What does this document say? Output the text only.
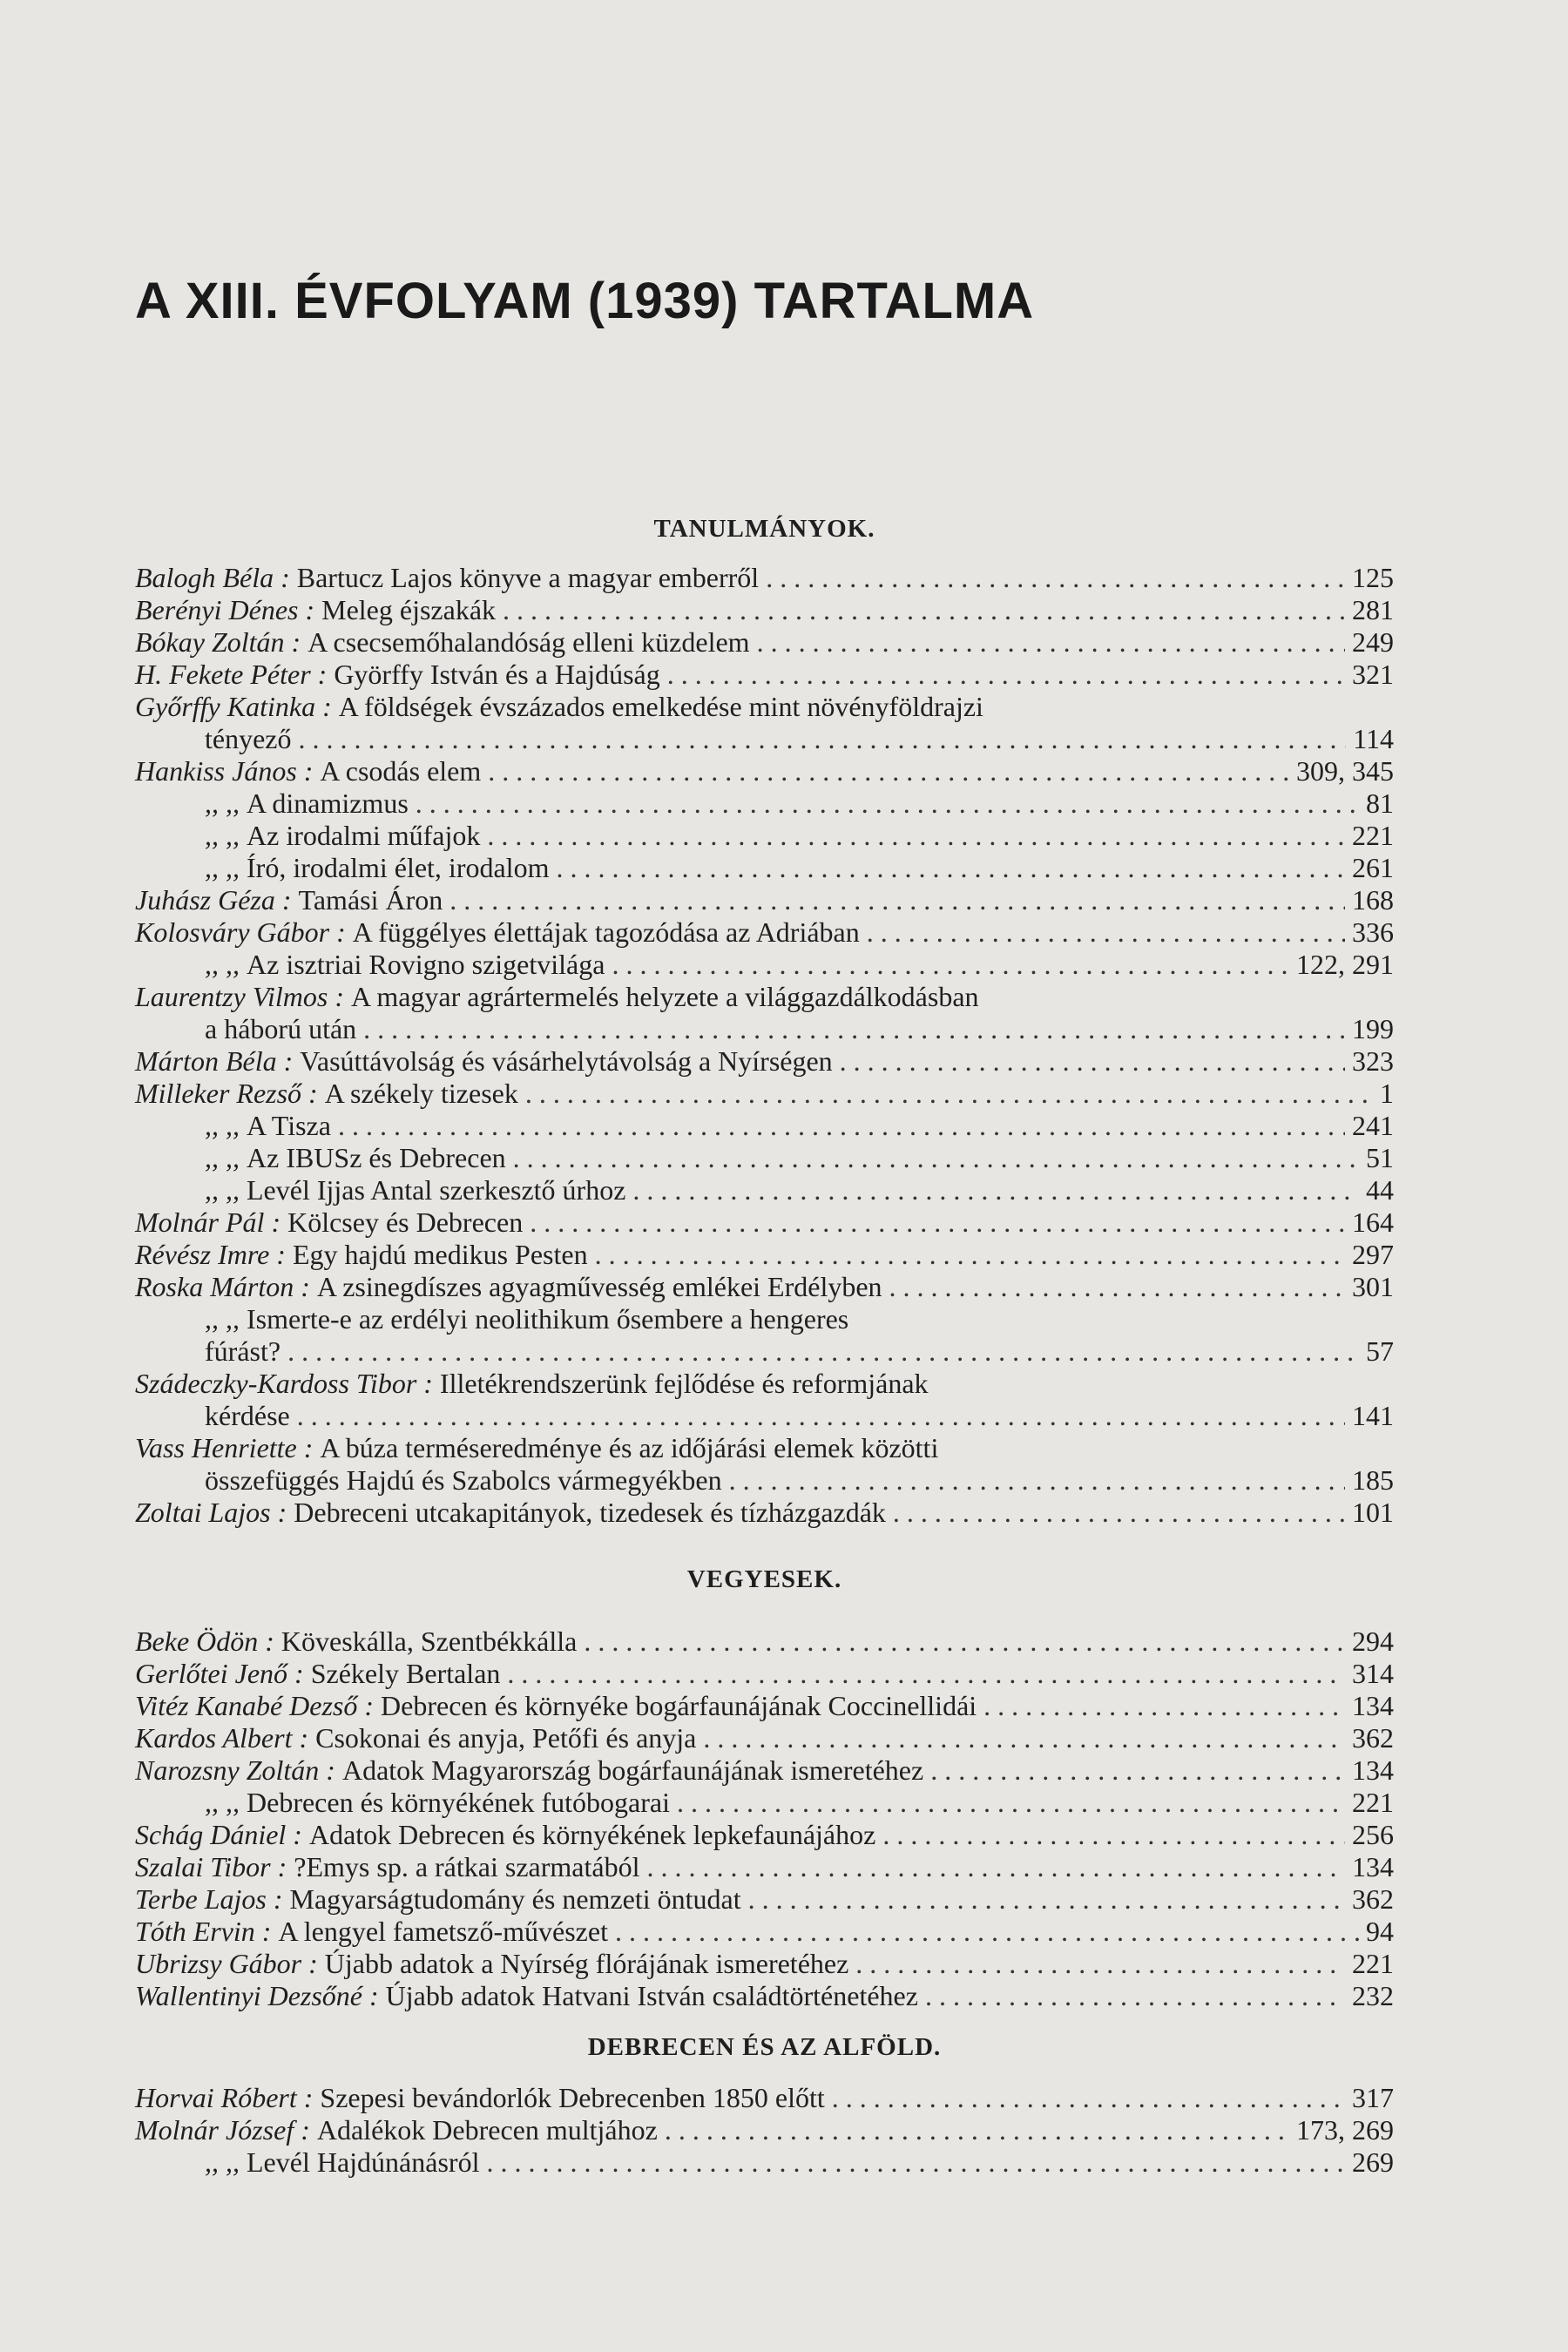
A XIII. ÉVFOLYAM (1939) TARTALMA
TANULMÁNYOK.
Balogh Béla :
Bartucz Lajos könyve a magyar emberről . . .	125
Berényi Dénes :
Meleg éjszakák . . .	281
Bókay Zoltán :
A csecsemőhalandóság elleni küzdelem . . .	249
H. Fekete Péter :
Györffy István és a Hajdúság . . .	321
Győrffy Katinka :
A földségek évszázados emelkedése mint növényföldrajzi
tényező . . .	114
Hankiss János :
A csodás elem . . .	309, 345
,, ,,
A dinamizmus . . .	81
,, ,,
Az irodalmi műfajok . . .	221
,, ,,
Író, irodalmi élet, irodalom . . .	261
Juhász Géza :
Tamási Áron . . .	168
Kolosváry Gábor :
A függélyes élettájak tagozódása az Adriában . . .	336
,, ,,
Az isztriai Rovigno szigetvilága . . .	122, 291
Laurentzy Vilmos :
A magyar agrártermelés helyzete a világgazdálkodásban
a háború után . . .	199
Márton Béla :
Vasúttávolság és vásárhelytávolság a Nyírségen . . .	323
Milleker Rezső :
A székely tizesek . . .	1
,, ,,
A Tisza . . .	241
,, ,,
Az IBUSz és Debrecen . . .	51
,, ,,
Levél Ijjas Antal szerkesztő úrhoz . . .	44
Molnár Pál :
Kölcsey és Debrecen . . .	164
Révész Imre :
Egy hajdú medikus Pesten . . .	297
Roska Márton :
A zsinegdíszes agyagművesség emlékei Erdélyben . . .	301
,, ,,
Ismerte-e az erdélyi neolithikum ősembere a hengeres
fúrást? . . .	57
Szádeczky-Kardoss Tibor :
Illetékrendszerünk fejlődése és reformjának
kérdése . . .	141
Vass Henriette :
A búza terméseredménye és az időjárási elemek közötti
összefüggés Hajdú és Szabolcs vármegyékben . . .	185
Zoltai Lajos :
Debreceni utcakapitányok, tizedesek és tízházgazdák . . .	101
VEGYESEK.
Beke Ödön :
Köveskálla, Szentbékkálla . . .	294
Gerlőtei Jenő :
Székely Bertalan . . .	314
Vitéz Kanabé Dezső :
Debrecen és környéke bogárfaunájának Coccinellidái . . .	134
Kardos Albert :
Csokonai és anyja, Petőfi és anyja . . .	362
Narozsny Zoltán :
Adatok Magyarország bogárfaunájának ismeretéhez . . .	134
,, ,,
Debrecen és környékének futóbogarai . . .	221
Schág Dániel :
Adatok Debrecen és környékének lepkefaunájához . . .	256
Szalai Tibor :
?Emys sp. a rátkai szarmatából . . .	134
Terbe Lajos :
Magyarságtudomány és nemzeti öntudat . . .	362
Tóth Ervin :
A lengyel fametsző-művészet . . .	94
Ubrizsy Gábor :
Újabb adatok a Nyírség flórájának ismeretéhez . . .	221
Wallentinyi Dezsőné :
Újabb adatok Hatvani István családtörténetéhez . . .	232
DEBRECEN ÉS AZ ALFÖLD.
Horvai Róbert :
Szepesi bevándorlók Debrecenben 1850 előtt . . .	317
Molnár József :
Adalékok Debrecen multjához . . .	173, 269
,, ,,
Levél Hajdúnánásról . . .	269
